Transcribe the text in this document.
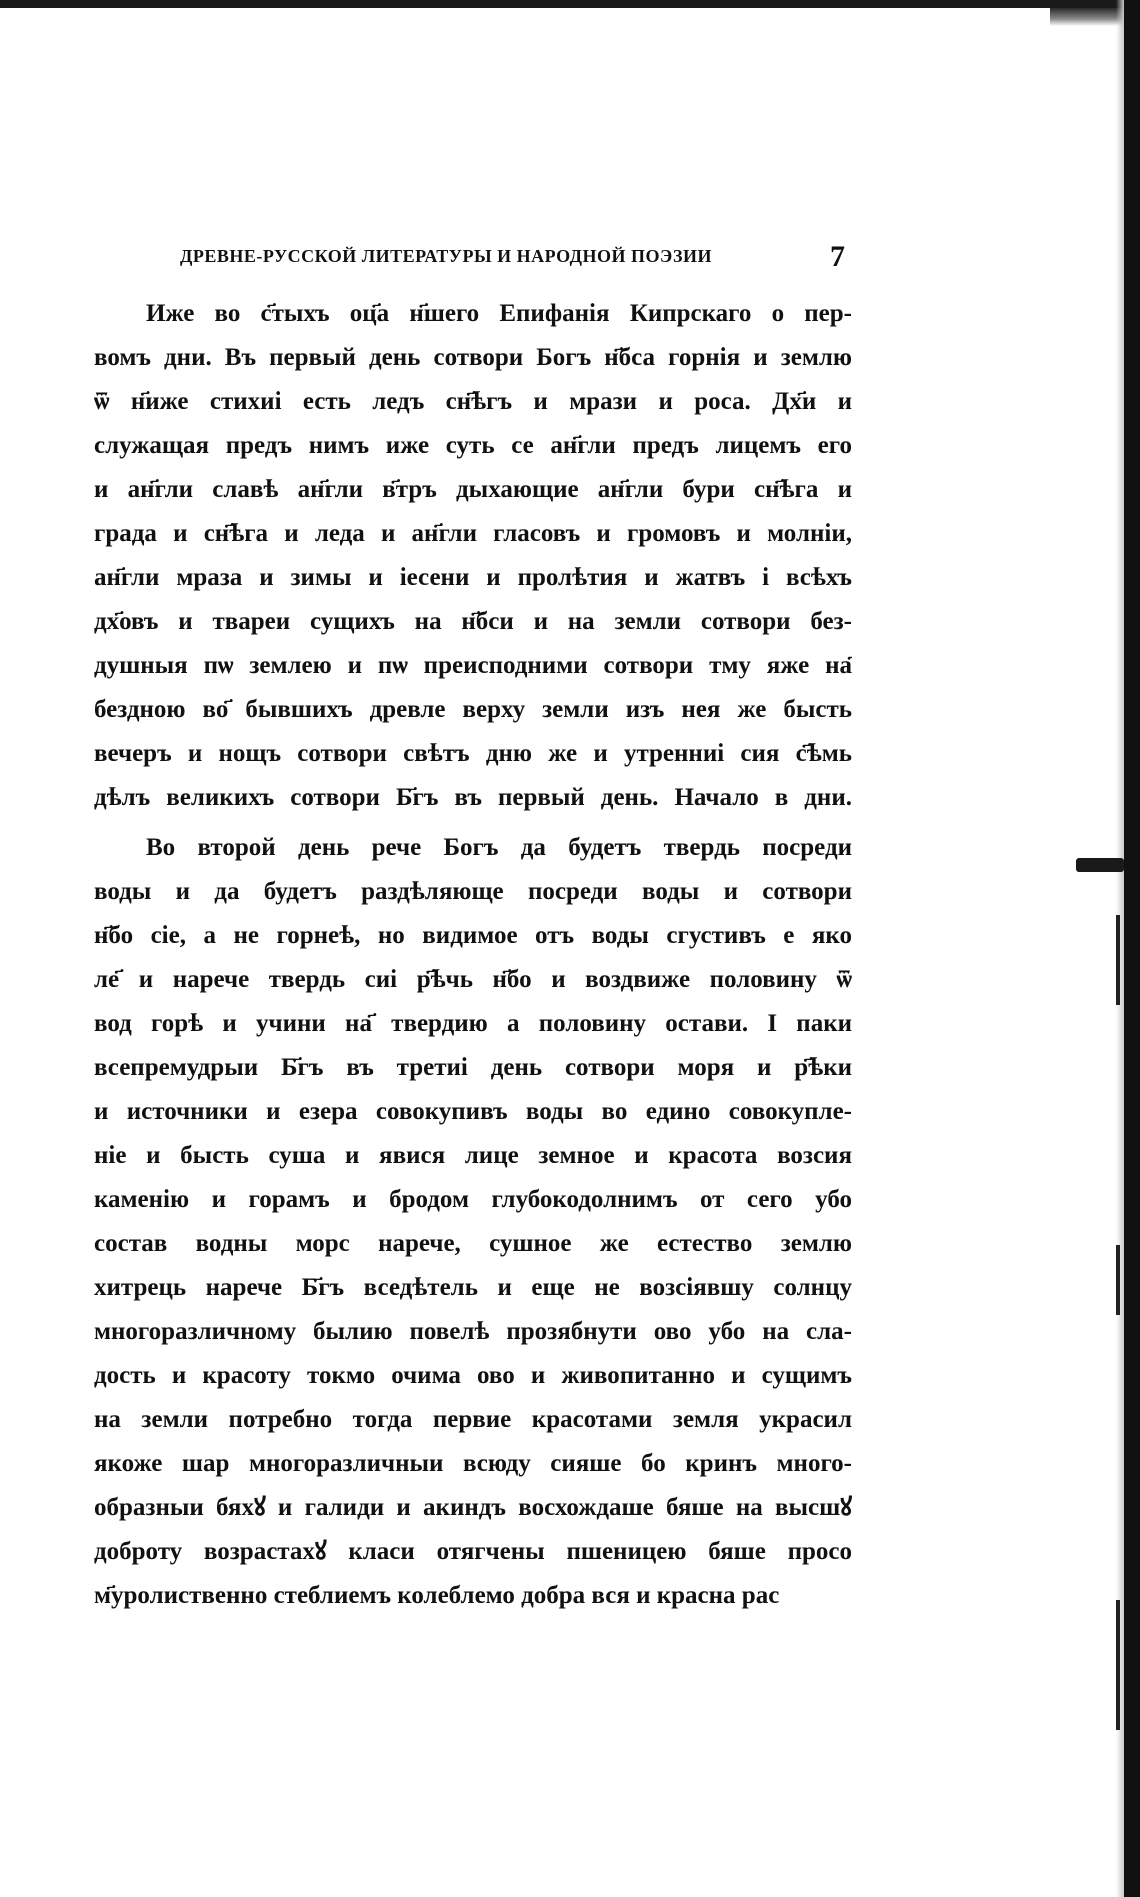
ДРЕВНЕ-РУССКОЙ ЛИТЕРАТУРЫ И НАРОДНОЙ ПОЭЗИИ	7
Иже во с҃тыхъ оц҃а н҃шего Епифанія Кипрскаго о пер-
вомъ дни. Въ первый день сотвори Богъ н҃бса горнія и землю
ѿ н҃иже стихиі есть ледъ сн҃ѣгъ и мрази и роса. Дх҃и и
служащая предъ нимъ иже суть се ан҃гли предъ лицемъ его
и ан҃гли славѣ ан҃гли в҃тръ дыхающие ан҃гли бури сн҃ѣга и
града и сн҃ѣга и леда и ан҃гли гласовъ и громовъ и молніи,
ан҃гли мраза и зимы и іесени и пролѣтия и жатвъ і всѣхъ
дх҃овъ и твареи сущихъ на н҃бси и на земли сотвори без-
душныя пѡ землею и пѡ преисподними сотвори тму яже на҃
бездною во҃ бывшихъ древле верху земли изъ нея же бысть
вечеръ и нощъ сотвори свѣтъ дню же и утренниі сия с҃ѣмь
дѣлъ великихъ сотвори Б҃гъ въ первый день. Начало в дни.
Во второй день рече Богъ да будетъ твердь посреди
воды и да будетъ раздѣляюще посреди воды и сотвори
н҃бо сіе, а не горнеѣ, но видимое отъ воды сгустивъ е яко
ле҃ и нарече твердь сиі р҃ѣчь н҃бо и воздвиже половину ѿ
вод горѣ и учини на҃ твердию а половину остави. І паки
всепремудрыи Б҃гъ въ третиі день сотвори моря и р҃ѣки
и источники и езера совокупивъ воды во едино совокупле-
ніе и бысть суша и явися лице земное и красота возсия
каменію и горамъ и бродом глубокодолнимъ от сего убо
состав водны морс нарече, сушное же естество землю
хитрець нарече Б҃гъ вседѣтель и еще не возсіявшу солнцу
многоразличному былию повелѣ прозябнути ово убо на сла-
дость и красоту токмо очима ово и живопитанно и сущимъ
на земли потребно тогда первие красотами земля украсил
якоже шар многоразличныи всюду сияше бо кринъ много-
образныи бяхꙋ и галиди и акиндъ восхождаше бяше на высшꙋ
доброту возрастахꙋ класи отягчены пшеницею бяше просо
м҃уролиственно стеблиемъ колеблемо добра вся и красна рас
